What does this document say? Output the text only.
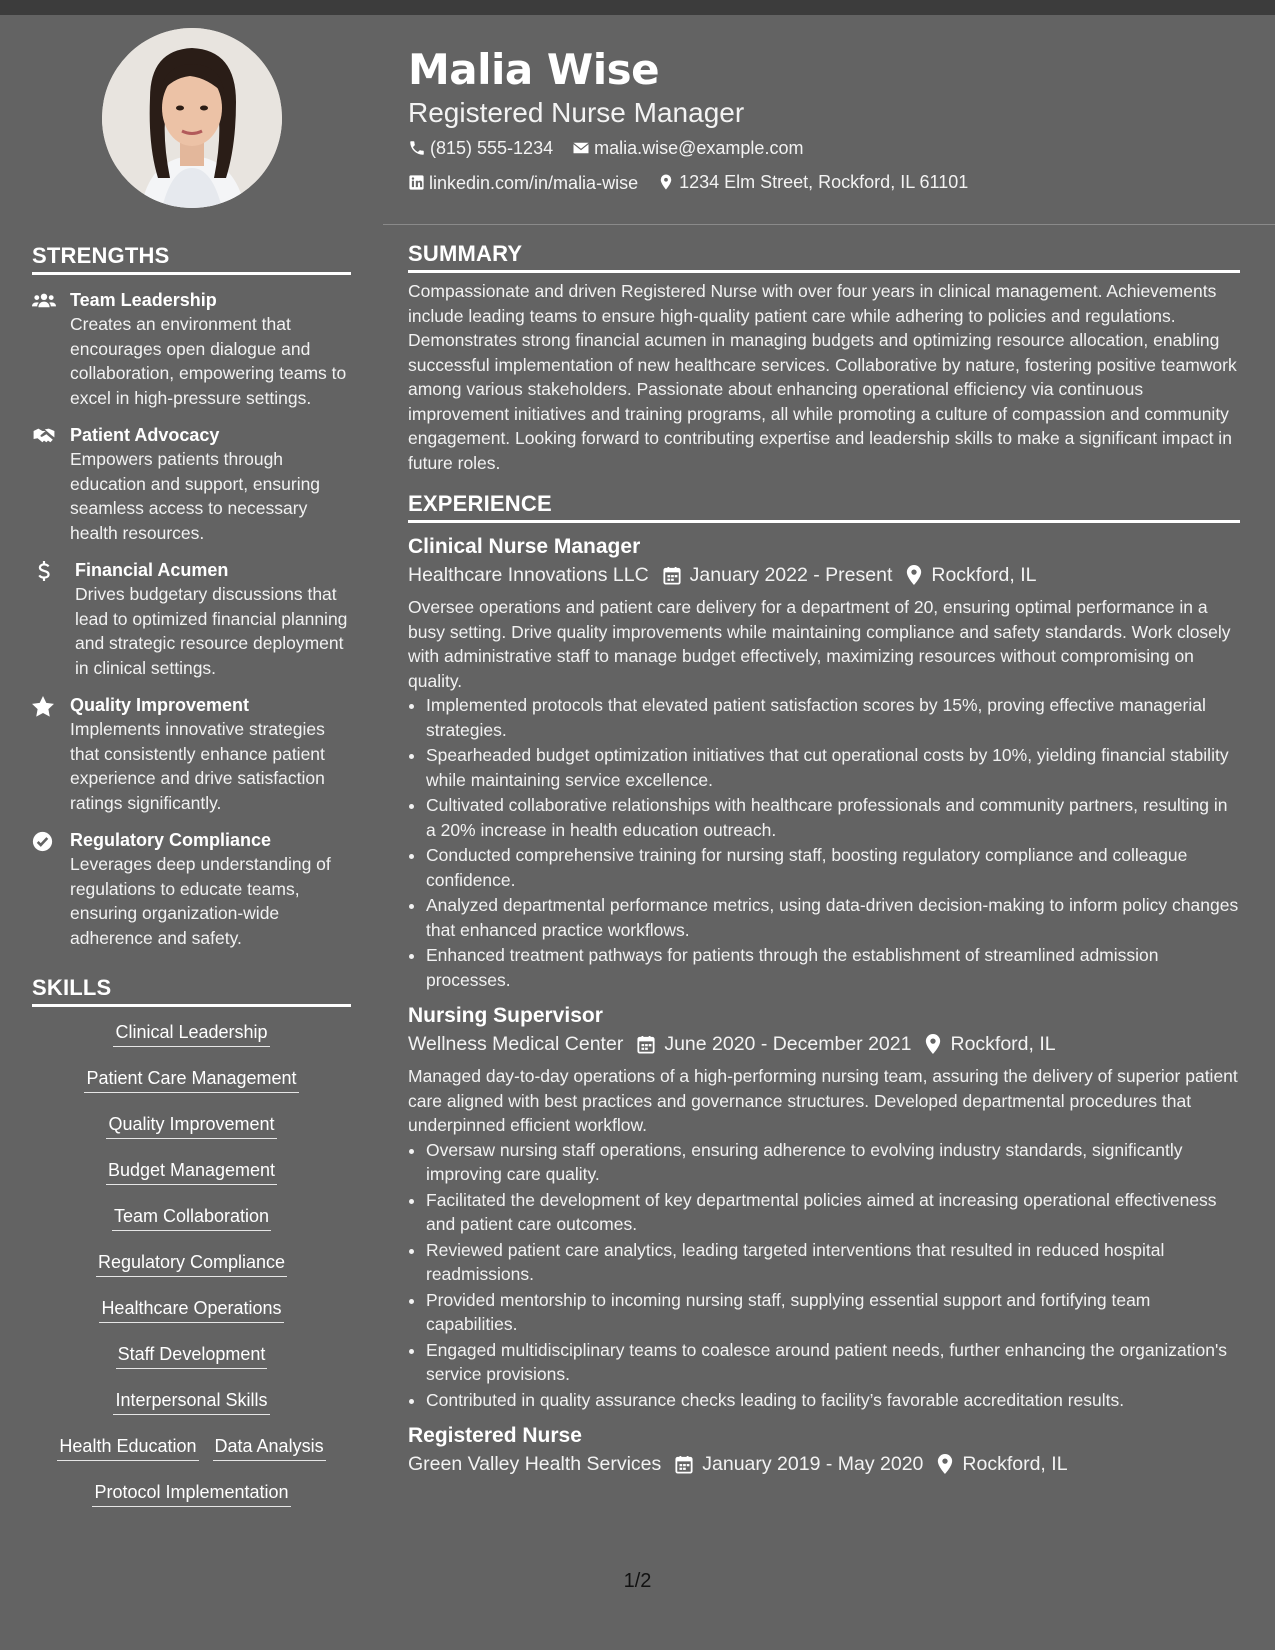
Malia Wise
Registered Nurse Manager
(815) 555-1234
malia.wise@example.com
linkedin.com/in/malia-wise
1234 Elm Street, Rockford, IL 61101
STRENGTHS
Team Leadership
Creates an environment that encourages open dialogue and collaboration, empowering teams to excel in high-pressure settings.
Patient Advocacy
Empowers patients through education and support, ensuring seamless access to necessary health resources.
Financial Acumen
Drives budgetary discussions that lead to optimized financial planning and strategic resource deployment in clinical settings.
Quality Improvement
Implements innovative strategies that consistently enhance patient experience and drive satisfaction ratings significantly.
Regulatory Compliance
Leverages deep understanding of regulations to educate teams, ensuring organization-wide adherence and safety.
SKILLS
Clinical Leadership
Patient Care Management
Quality Improvement
Budget Management
Team Collaboration
Regulatory Compliance
Healthcare Operations
Staff Development
Interpersonal Skills
Health Education Data Analysis
Protocol Implementation
SUMMARY
Compassionate and driven Registered Nurse with over four years in clinical management. Achievements include leading teams to ensure high-quality patient care while adhering to policies and regulations. Demonstrates strong financial acumen in managing budgets and optimizing resource allocation, enabling successful implementation of new healthcare services. Collaborative by nature, fostering positive teamwork among various stakeholders. Passionate about enhancing operational efficiency via continuous improvement initiatives and training programs, all while promoting a culture of compassion and community engagement. Looking forward to contributing expertise and leadership skills to make a significant impact in future roles.
EXPERIENCE
Clinical Nurse Manager
Healthcare Innovations LLC January 2022 - Present Rockford, IL
Oversee operations and patient care delivery for a department of 20, ensuring optimal performance in a busy setting. Drive quality improvements while maintaining compliance and safety standards. Work closely with administrative staff to manage budget effectively, maximizing resources without compromising on quality.
• Implemented protocols that elevated patient satisfaction scores by 15%, proving effective managerial strategies.
• Spearheaded budget optimization initiatives that cut operational costs by 10%, yielding financial stability while maintaining service excellence.
• Cultivated collaborative relationships with healthcare professionals and community partners, resulting in a 20% increase in health education outreach.
• Conducted comprehensive training for nursing staff, boosting regulatory compliance and colleague confidence.
• Analyzed departmental performance metrics, using data-driven decision-making to inform policy changes that enhanced practice workflows.
• Enhanced treatment pathways for patients through the establishment of streamlined admission processes.
Nursing Supervisor
Wellness Medical Center June 2020 - December 2021 Rockford, IL
Managed day-to-day operations of a high-performing nursing team, assuring the delivery of superior patient care aligned with best practices and governance structures. Developed departmental procedures that underpinned efficient workflow.
• Oversaw nursing staff operations, ensuring adherence to evolving industry standards, significantly improving care quality.
• Facilitated the development of key departmental policies aimed at increasing operational effectiveness and patient care outcomes.
• Reviewed patient care analytics, leading targeted interventions that resulted in reduced hospital readmissions.
• Provided mentorship to incoming nursing staff, supplying essential support and fortifying team capabilities.
• Engaged multidisciplinary teams to coalesce around patient needs, further enhancing the organization's service provisions.
• Contributed in quality assurance checks leading to facility’s favorable accreditation results.
Registered Nurse
Green Valley Health Services January 2019 - May 2020 Rockford, IL
1/2
